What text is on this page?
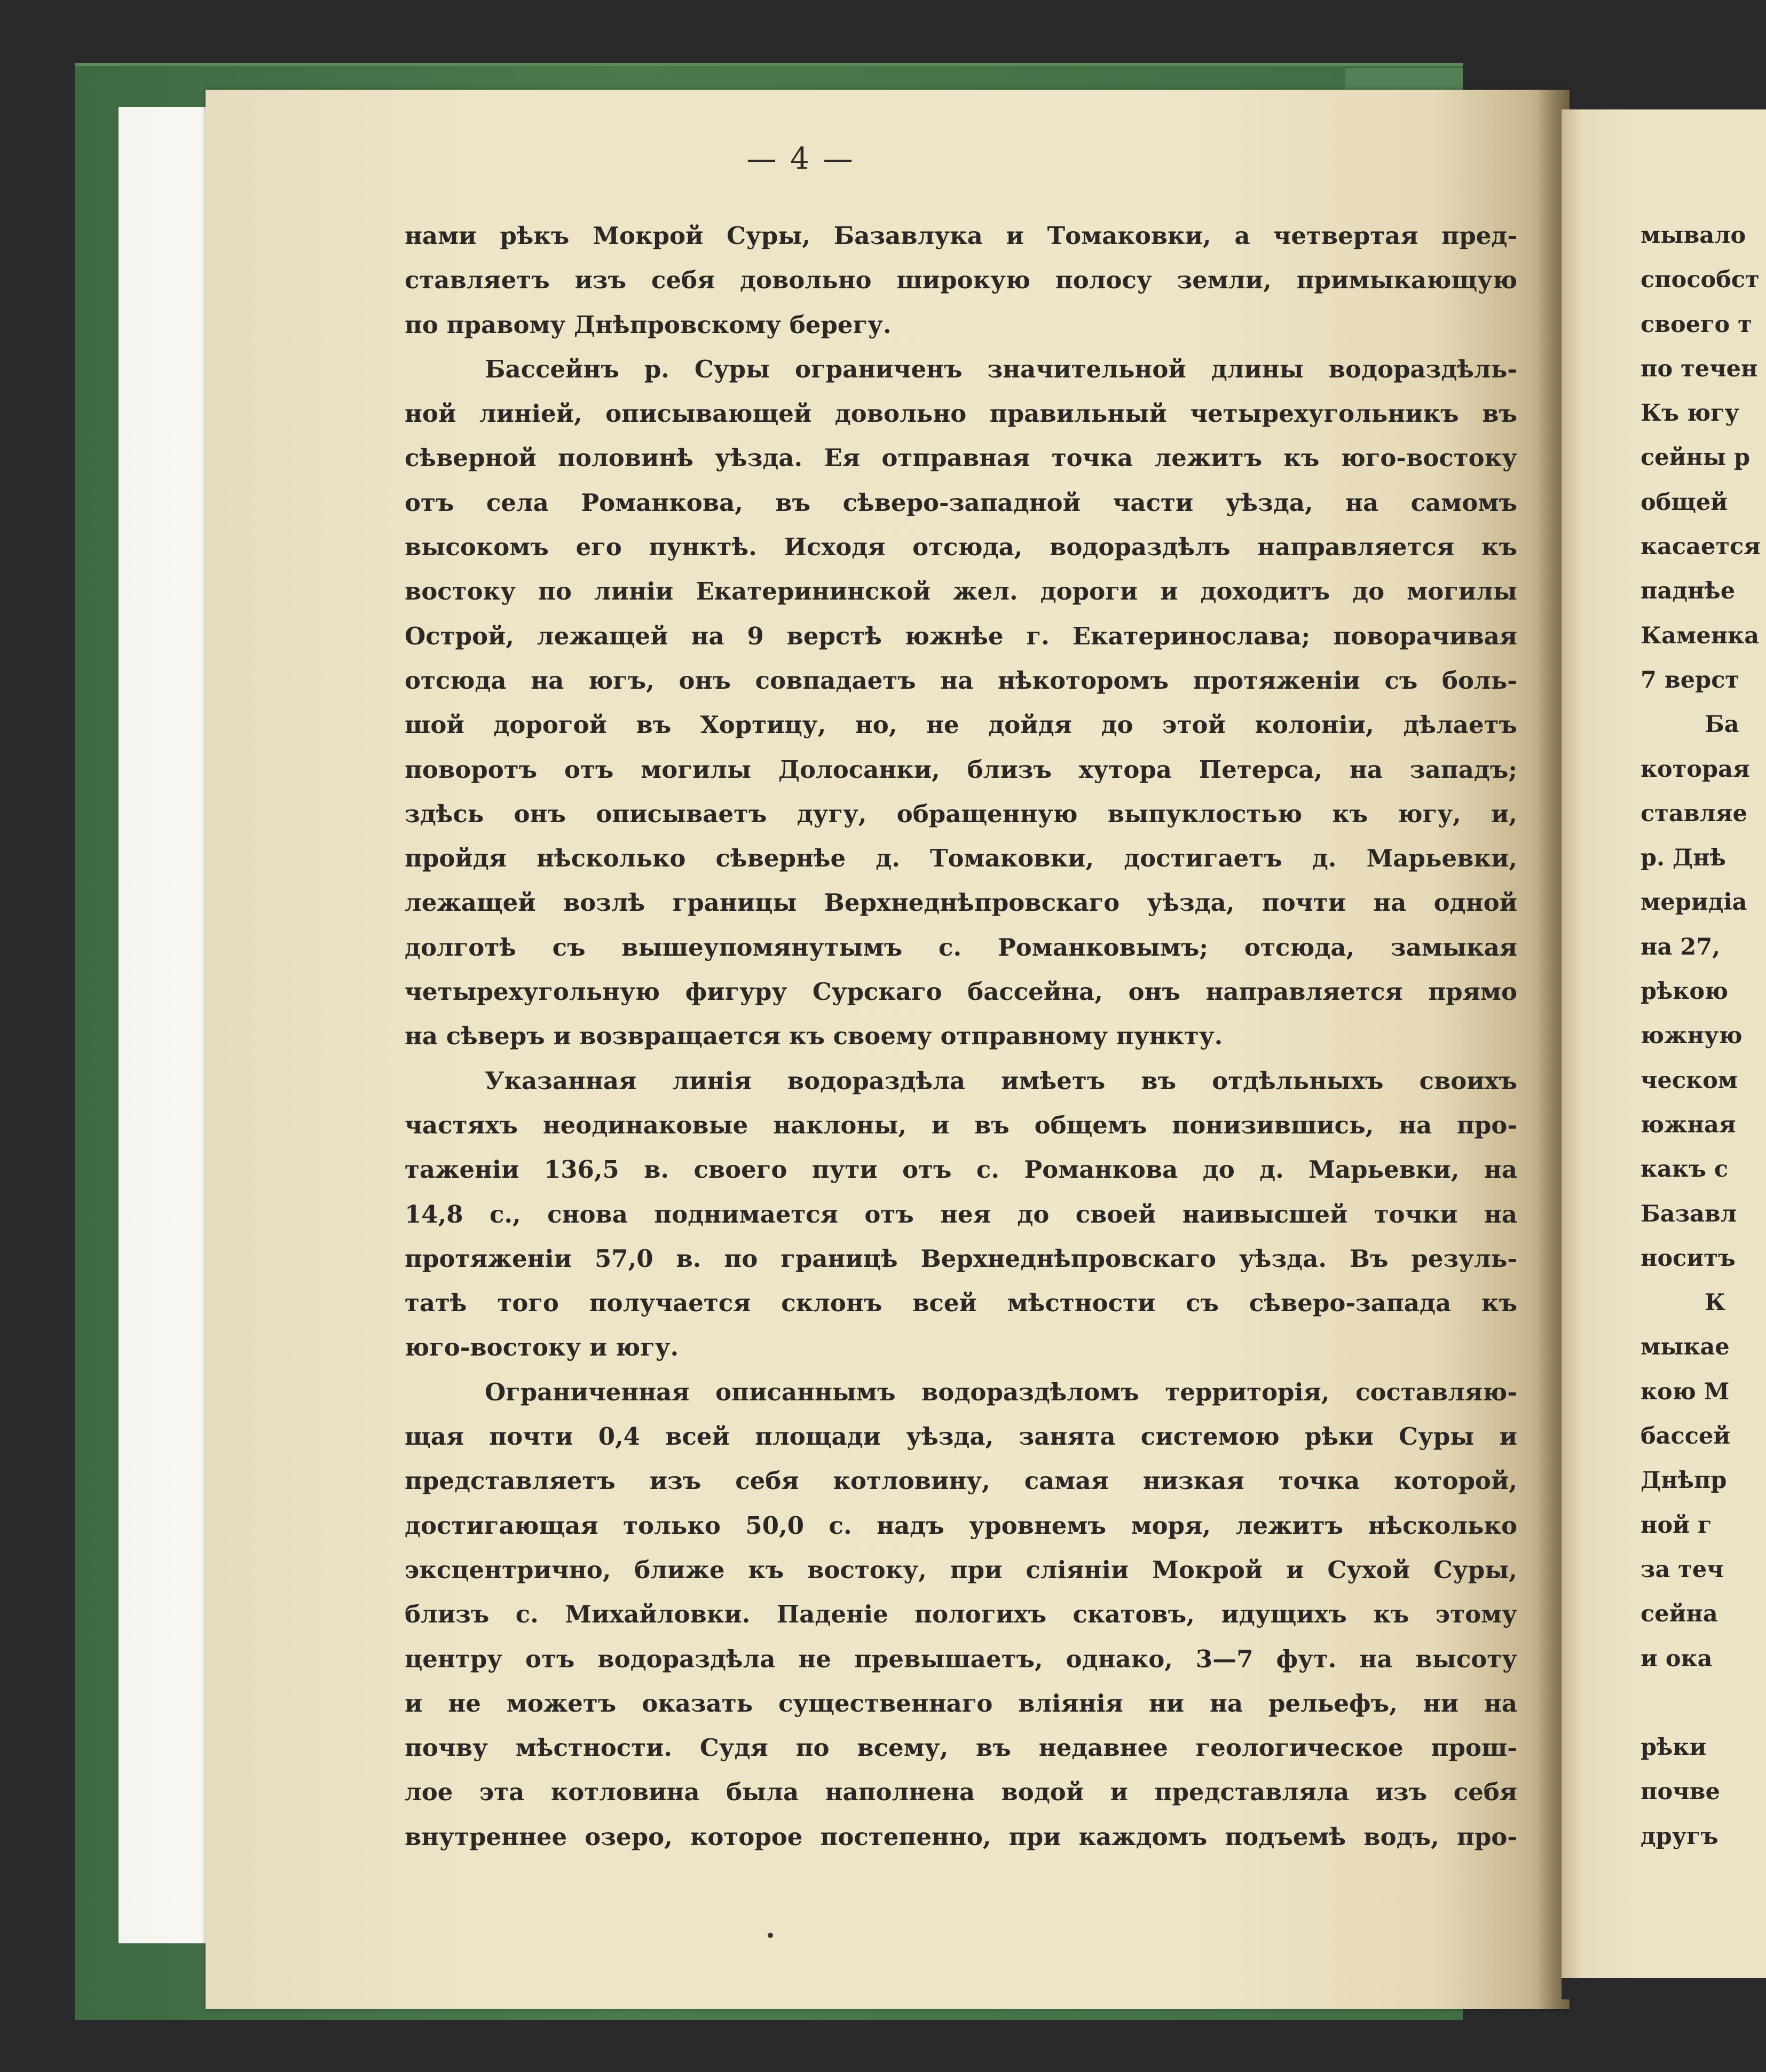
— 4 —
нами рѣкъ Мокрой Суры, Базавлука и Томаковки, а четвертая пред-
ставляетъ изъ себя довольно широкую полосу земли, примыкающую
по правому Днѣпровскому берегу.
Бассейнъ р. Суры ограниченъ значительной длины водораздѣль-
ной линiей, описывающей довольно правильный четырехугольникъ въ
сѣверной половинѣ уѣзда. Ея отправная точка лежитъ къ юго-востоку
отъ села Романкова, въ сѣверо-западной части уѣзда, на самомъ
высокомъ его пунктѣ. Исходя отсюда, водораздѣлъ направляется къ
востоку по линiи Екатерининской жел. дороги и доходитъ до могилы
Острой, лежащей на 9 верстѣ южнѣе г. Екатеринослава; поворачивая
отсюда на югъ, онъ совпадаетъ на нѣкоторомъ протяженiи съ боль-
шой дорогой въ Хортицу, но, не дойдя до этой колонiи, дѣлаетъ
поворотъ отъ могилы Долосанки, близъ хутора Петерса, на западъ;
здѣсь онъ описываетъ дугу, обращенную выпуклостью къ югу, и,
пройдя нѣсколько сѣвернѣе д. Томаковки, достигаетъ д. Марьевки,
лежащей возлѣ границы Верхнеднѣпровскаго уѣзда, почти на одной
долготѣ съ вышеупомянутымъ с. Романковымъ; отсюда, замыкая
четырехугольную фигуру Сурскаго бассейна, онъ направляется прямо
на сѣверъ и возвращается къ своему отправному пункту.
Указанная линiя водораздѣла имѣетъ въ отдѣльныхъ своихъ
частяхъ неодинаковые наклоны, и въ общемъ понизившись, на про-
таженiи 136,5 в. своего пути отъ с. Романкова до д. Марьевки, на
14,8 с., снова поднимается отъ нея до своей наивысшей точки на
протяженiи 57,0 в. по границѣ Верхнеднѣпровскаго уѣзда. Въ резуль-
татѣ того получается склонъ всей мѣстности съ сѣверо-запада къ
юго-востоку и югу.
Ограниченная описаннымъ водораздѣломъ территорiя, составляю-
щая почти 0,4 всей площади уѣзда, занята системою рѣки Суры и
представляетъ изъ себя котловину, самая низкая точка которой,
достигающая только 50,0 с. надъ уровнемъ моря, лежитъ нѣсколько
эксцентрично, ближе къ востоку, при слiянiи Мокрой и Сухой Суры,
близъ с. Михайловки. Паденiе пологихъ скатовъ, идущихъ къ этому
центру отъ водораздѣла не превышаетъ, однако, 3—7 фут. на высоту
и не можетъ оказать существеннаго влiянiя ни на рельефъ, ни на
почву мѣстности. Судя по всему, въ недавнее геологическое прош-
лое эта котловина была наполнена водой и представляла изъ себя
внутреннее озеро, которое постепенно, при каждомъ подъемѣ водъ, про-
мывало
способст
своего т
по течен
Къ югу
сейны р
общей
касается
паднѣе
Каменка
7 верст
Ба
которая
ставляе
р. Днѣ
меридiа
на 27,
рѣкою
южную
ческом
южная
какъ с
Базавл
носитъ
К
мыкае
кою М
бассей
Днѣпр
ной г
за теч
сейна
и ока
рѣки
почве
другъ
